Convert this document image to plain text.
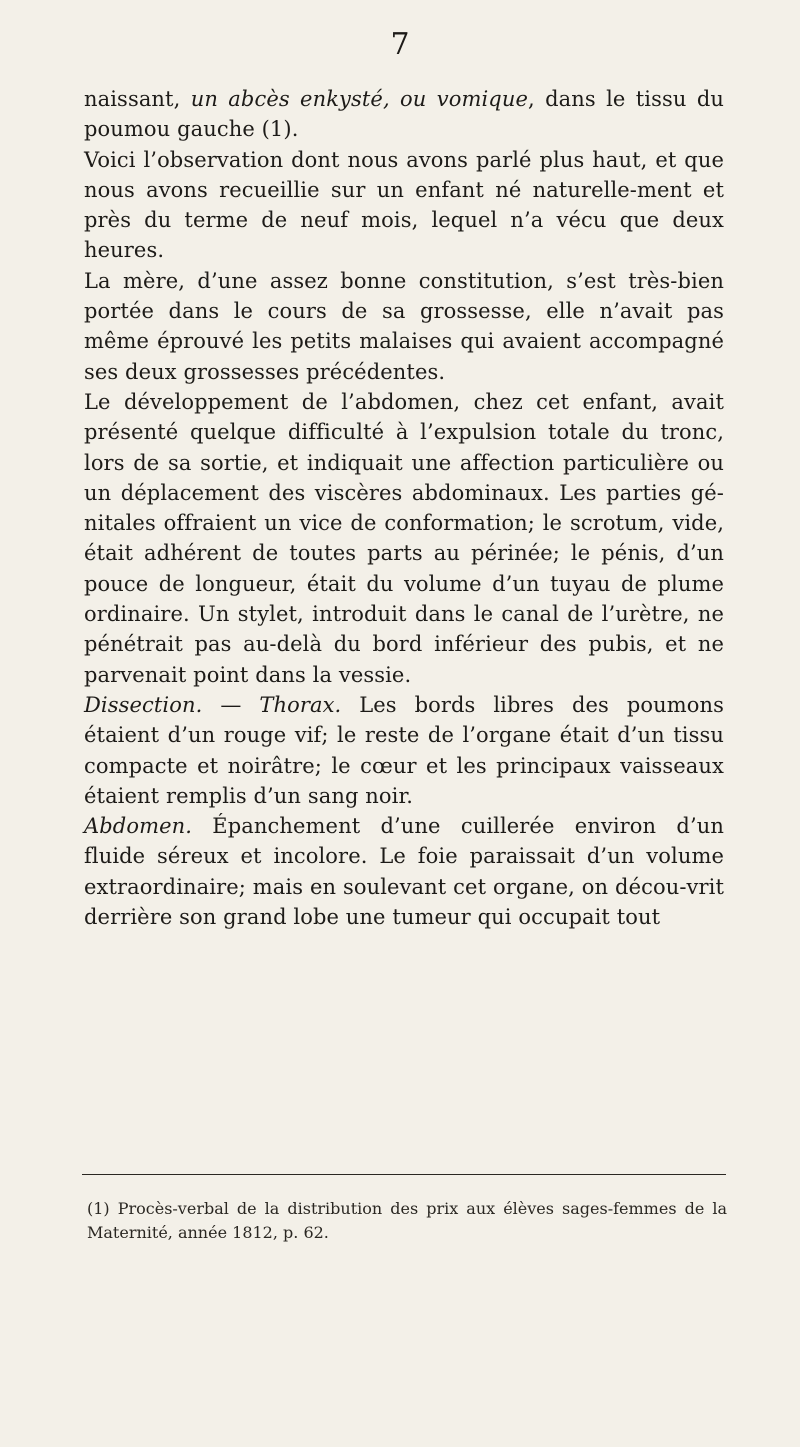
7

naissant, un abcès enkysté, ou vomique, dans le tissu du poumou gauche (1).

Voici l’observation dont nous avons parlé plus haut, et que nous avons recueillie sur un enfant né naturelle-ment et près du terme de neuf mois, lequel n’a vécu que deux heures.

La mère, d’une assez bonne constitution, s’est très-bien portée dans le cours de sa grossesse, elle n’avait pas même éprouvé les petits malaises qui avaient accompagné ses deux grossesses précédentes.

Le développement de l’abdomen, chez cet enfant, avait présenté quelque difficulté à l’expulsion totale du tronc, lors de sa sortie, et indiquait une affection particulière ou un déplacement des viscères abdominaux. Les parties gé-nitales offraient un vice de conformation; le scrotum, vide, était adhérent de toutes parts au périnée; le pénis, d’un pouce de longueur, était du volume d’un tuyau de plume ordinaire. Un stylet, introduit dans le canal de l’urètre, ne pénétrait pas au-delà du bord inférieur des pubis, et ne parvenait point dans la vessie.

Dissection. — Thorax. Les bords libres des poumons étaient d’un rouge vif; le reste de l’organe était d’un tissu compacte et noirâtre; le cœur et les principaux vaisseaux étaient remplis d’un sang noir.

Abdomen. Épanchement d’une cuillerée environ d’un fluide séreux et incolore. Le foie paraissait d’un volume extraordinaire; mais en soulevant cet organe, on décou-vrit derrière son grand lobe une tumeur qui occupait tout

(1) Procès-verbal de la distribution des prix aux élèves sages-femmes de la Maternité, année 1812, p. 62.
